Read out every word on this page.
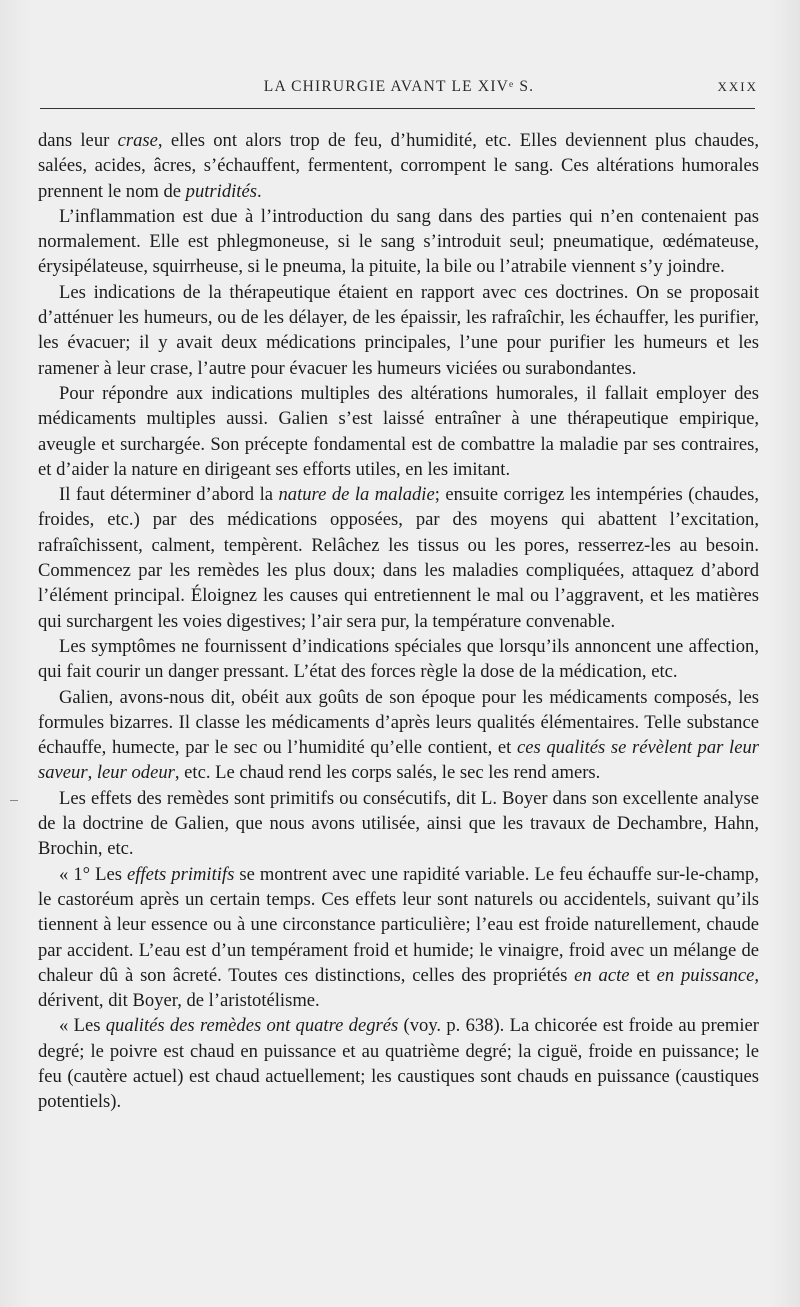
LA CHIRURGIE AVANT LE XIVᵉ S.	XXIX

dans leur crase, elles ont alors trop de feu, d’humidité, etc. Elles deviennent plus chaudes, salées, acides, âcres, s’échauffent, fermentent, corrompent le sang. Ces altérations humorales prennent le nom de putridités.

L’inflammation est due à l’introduction du sang dans des parties qui n’en contenaient pas normalement. Elle est phlegmoneuse, si le sang s’introduit seul; pneumatique, œdémateuse, érysipélateuse, squirrheuse, si le pneuma, la pituite, la bile ou l’atrabile viennent s’y joindre.

Les indications de la thérapeutique étaient en rapport avec ces doctrines. On se proposait d’atténuer les humeurs, ou de les délayer, de les épaissir, les rafraîchir, les échauffer, les purifier, les évacuer; il y avait deux médications principales, l’une pour purifier les humeurs et les ramener à leur crase, l’autre pour évacuer les humeurs viciées ou surabondantes.

Pour répondre aux indications multiples des altérations humorales, il fallait employer des médicaments multiples aussi. Galien s’est laissé entraîner à une thérapeutique empirique, aveugle et surchargée. Son précepte fondamental est de combattre la maladie par ses contraires, et d’aider la nature en dirigeant ses efforts utiles, en les imitant.

Il faut déterminer d’abord la nature de la maladie; ensuite corrigez les intempéries (chaudes, froides, etc.) par des médications opposées, par des moyens qui abattent l’excitation, rafraîchissent, calment, tempèrent. Relâchez les tissus ou les pores, resserrez-les au besoin. Commencez par les remèdes les plus doux; dans les maladies compliquées, attaquez d’abord l’élément principal. Éloignez les causes qui entretiennent le mal ou l’aggravent, et les matières qui surchargent les voies digestives; l’air sera pur, la température convenable.

Les symptômes ne fournissent d’indications spéciales que lorsqu’ils annoncent une affection, qui fait courir un danger pressant. L’état des forces règle la dose de la médication, etc.

Galien, avons-nous dit, obéit aux goûts de son époque pour les médicaments composés, les formules bizarres. Il classe les médicaments d’après leurs qualités élémentaires. Telle substance échauffe, humecte, par le sec ou l’humidité qu’elle contient, et ces qualités se révèlent par leur saveur, leur odeur, etc. Le chaud rend les corps salés, le sec les rend amers.

Les effets des remèdes sont primitifs ou consécutifs, dit L. Boyer dans son excellente analyse de la doctrine de Galien, que nous avons utilisée, ainsi que les travaux de Dechambre, Hahn, Brochin, etc.

« 1° Les effets primitifs se montrent avec une rapidité variable. Le feu échauffe sur-le-champ, le castoréum après un certain temps. Ces effets leur sont naturels ou accidentels, suivant qu’ils tiennent à leur essence ou à une circonstance particulière; l’eau est froide naturellement, chaude par accident. L’eau est d’un tempérament froid et humide; le vinaigre, froid avec un mélange de chaleur dû à son âcreté. Toutes ces distinctions, celles des propriétés en acte et en puissance, dérivent, dit Boyer, de l’aristotélisme.

« Les qualités des remèdes ont quatre degrés (voy. p. 638). La chicorée est froide au premier degré; le poivre est chaud en puissance et au quatrième degré; la ciguë, froide en puissance; le feu (cautère actuel) est chaud actuellement; les caustiques sont chauds en puissance (caustiques potentiels).
